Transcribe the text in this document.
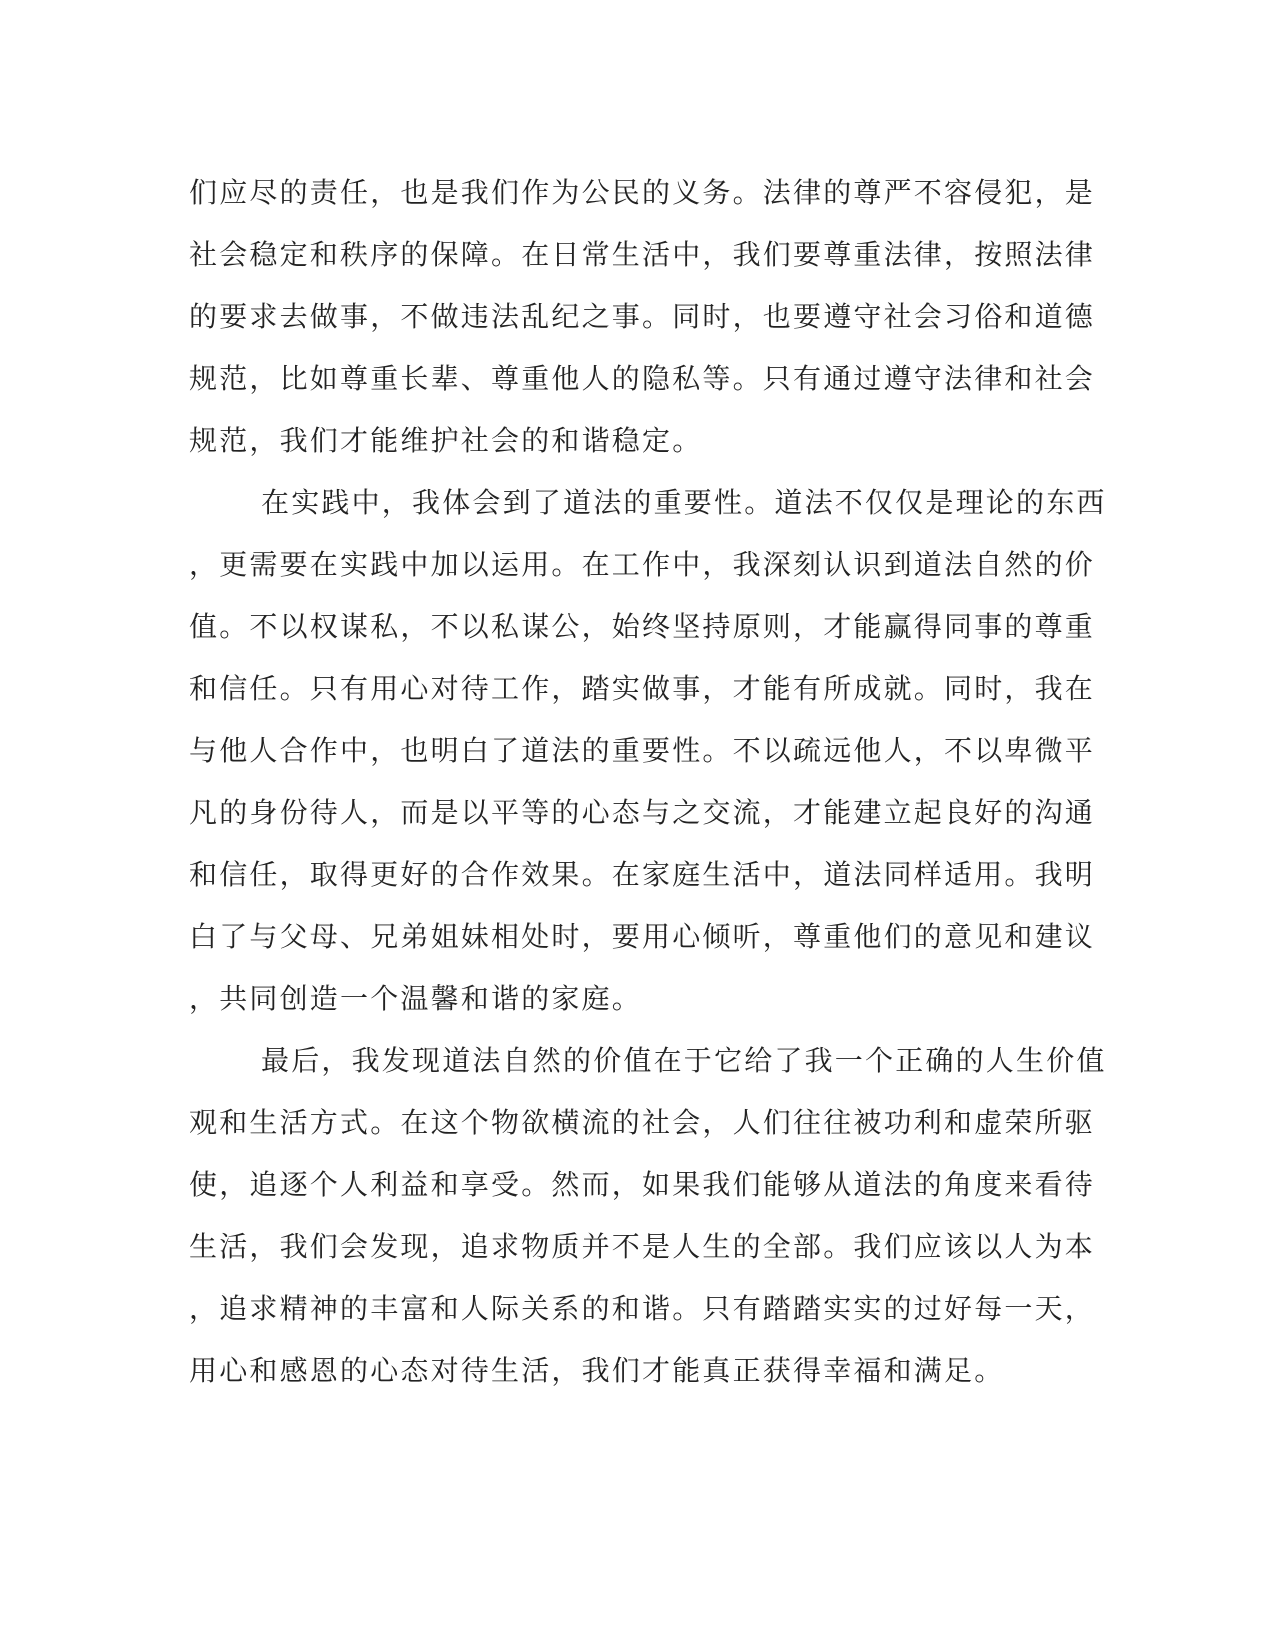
们应尽的责任，也是我们作为公民的义务。法律的尊严不容侵犯，是
社会稳定和秩序的保障。在日常生活中，我们要尊重法律，按照法律
的要求去做事，不做违法乱纪之事。同时，也要遵守社会习俗和道德
规范，比如尊重长辈、尊重他人的隐私等。只有通过遵守法律和社会
规范，我们才能维护社会的和谐稳定。
在实践中，我体会到了道法的重要性。道法不仅仅是理论的东西
，更需要在实践中加以运用。在工作中，我深刻认识到道法自然的价
值。不以权谋私，不以私谋公，始终坚持原则，才能赢得同事的尊重
和信任。只有用心对待工作，踏实做事，才能有所成就。同时，我在
与他人合作中，也明白了道法的重要性。不以疏远他人，不以卑微平
凡的身份待人，而是以平等的心态与之交流，才能建立起良好的沟通
和信任，取得更好的合作效果。在家庭生活中，道法同样适用。我明
白了与父母、兄弟姐妹相处时，要用心倾听，尊重他们的意见和建议
，共同创造一个温馨和谐的家庭。
最后，我发现道法自然的价值在于它给了我一个正确的人生价值
观和生活方式。在这个物欲横流的社会，人们往往被功利和虚荣所驱
使，追逐个人利益和享受。然而，如果我们能够从道法的角度来看待
生活，我们会发现，追求物质并不是人生的全部。我们应该以人为本
，追求精神的丰富和人际关系的和谐。只有踏踏实实的过好每一天，
用心和感恩的心态对待生活，我们才能真正获得幸福和满足。
